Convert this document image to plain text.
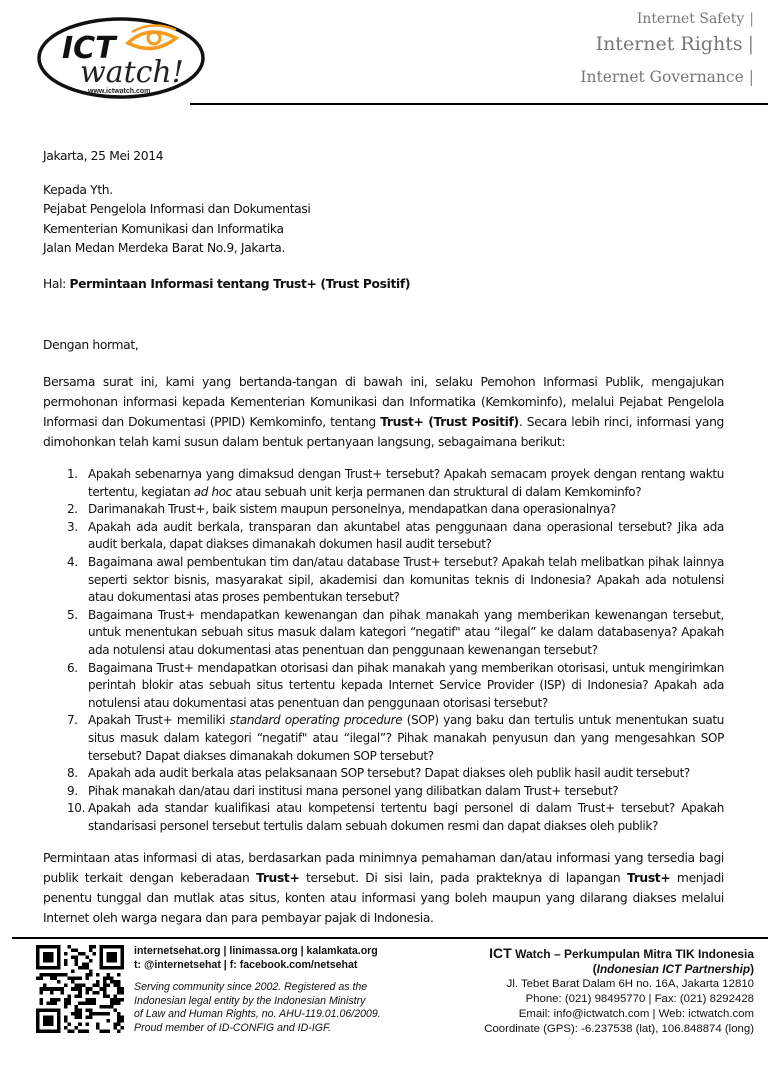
ICT
watch!
www.ictwatch.com
Internet Safety |
Internet Rights |
Internet Governance |
Jakarta, 25 Mei 2014
Kepada Yth.
Pejabat Pengelola Informasi dan Dokumentasi
Kementerian Komunikasi dan Informatika
Jalan Medan Merdeka Barat No.9, Jakarta.
Hal: Permintaan Informasi tentang Trust+ (Trust Positif)
Dengan hormat,
Bersama surat ini, kami yang bertanda-tangan di bawah ini, selaku Pemohon Informasi Publik, mengajukan permohonan informasi kepada Kementerian Komunikasi dan Informatika (Kemkominfo), melalui Pejabat Pengelola Informasi dan Dokumentasi (PPID) Kemkominfo, tentang Trust+ (Trust Positif). Secara lebih rinci, informasi yang dimohonkan telah kami susun dalam bentuk pertanyaan langsung, sebagaimana berikut:
1. Apakah sebenarnya yang dimaksud dengan Trust+ tersebut? Apakah semacam proyek dengan rentang waktu tertentu, kegiatan ad hoc atau sebuah unit kerja permanen dan struktural di dalam Kemkominfo?
2. Darimanakah Trust+, baik sistem maupun personelnya, mendapatkan dana operasionalnya?
3. Apakah ada audit berkala, transparan dan akuntabel atas penggunaan dana operasional tersebut? Jika ada audit berkala, dapat diakses dimanakah dokumen hasil audit tersebut?
4. Bagaimana awal pembentukan tim dan/atau database Trust+ tersebut? Apakah telah melibatkan pihak lainnya seperti sektor bisnis, masyarakat sipil, akademisi dan komunitas teknis di Indonesia? Apakah ada notulensi atau dokumentasi atas proses pembentukan tersebut?
5. Bagaimana Trust+ mendapatkan kewenangan dan pihak manakah yang memberikan kewenangan tersebut, untuk menentukan sebuah situs masuk dalam kategori “negatif" atau “ilegal” ke dalam databasenya? Apakah ada notulensi atau dokumentasi atas penentuan dan penggunaan kewenangan tersebut?
6. Bagaimana Trust+ mendapatkan otorisasi dan pihak manakah yang memberikan otorisasi, untuk mengirimkan perintah blokir atas sebuah situs tertentu kepada Internet Service Provider (ISP) di Indonesia? Apakah ada notulensi atau dokumentasi atas penentuan dan penggunaan otorisasi tersebut?
7. Apakah Trust+ memiliki standard operating procedure (SOP) yang baku dan tertulis untuk menentukan suatu situs masuk dalam kategori “negatif" atau “ilegal”? Pihak manakah penyusun dan yang mengesahkan SOP tersebut? Dapat diakses dimanakah dokumen SOP tersebut?
8. Apakah ada audit berkala atas pelaksanaan SOP tersebut? Dapat diakses oleh publik hasil audit tersebut?
9. Pihak manakah dan/atau dari institusi mana personel yang dilibatkan dalam Trust+ tersebut?
10. Apakah ada standar kualifikasi atau kompetensi tertentu bagi personel di dalam Trust+ tersebut? Apakah standarisasi personel tersebut tertulis dalam sebuah dokumen resmi dan dapat diakses oleh publik?
Permintaan atas informasi di atas, berdasarkan pada minimnya pemahaman dan/atau informasi yang tersedia bagi publik terkait dengan keberadaan Trust+ tersebut. Di sisi lain, pada prakteknya di lapangan Trust+ menjadi penentu tunggal dan mutlak atas situs, konten atau informasi yang boleh maupun yang dilarang diakses melalui Internet oleh warga negara dan para pembayar pajak di Indonesia.
internetsehat.org | linimassa.org | kalamkata.org
t: @internetsehat | f: facebook.com/netsehat
Serving community since 2002. Registered as the
Indonesian legal entity by the Indonesian Ministry
of Law and Human Rights, no. AHU-119.01.06/2009.
Proud member of ID-CONFIG and ID-IGF.
ICT Watch – Perkumpulan Mitra TIK Indonesia
(Indonesian ICT Partnership)
Jl. Tebet Barat Dalam 6H no. 16A, Jakarta 12810
Phone: (021) 98495770 | Fax: (021) 8292428
Email: info@ictwatch.com | Web: ictwatch.com
Coordinate (GPS): -6.237538 (lat), 106.848874 (long)
